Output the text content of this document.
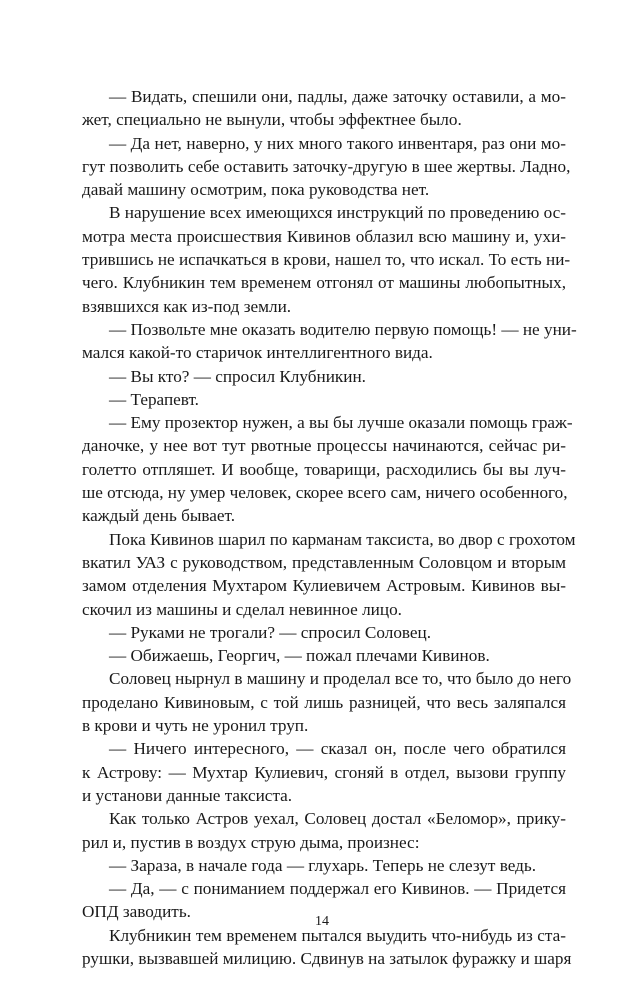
— Видать, спешили они, падлы, даже заточку оставили, а мо-
жет, специально не вынули, чтобы эффектнее было.
— Да нет, наверно, у них много такого инвентаря, раз они мо-
гут позволить себе оставить заточку-другую в шее жертвы. Ладно,
давай машину осмотрим, пока руководства нет.
В нарушение всех имеющихся инструкций по проведению ос-
мотра места происшествия Кивинов облазил всю машину и, ухи-
трившись не испачкаться в крови, нашел то, что искал. То есть ни-
чего. Клубникин тем временем отгонял от машины любопытных,
взявшихся как из-под земли.
— Позвольте мне оказать водителю первую помощь! — не уни-
мался какой-то старичок интеллигентного вида.
— Вы кто? — спросил Клубникин.
— Терапевт.
— Ему прозектор нужен, а вы бы лучше оказали помощь граж-
даночке, у нее вот тут рвотные процессы начинаются, сейчас ри-
голетто отпляшет. И вообще, товарищи, расходились бы вы луч-
ше отсюда, ну умер человек, скорее всего сам, ничего особенного,
каждый день бывает.
Пока Кивинов шарил по карманам таксиста, во двор с грохотом
вкатил УАЗ с руководством, представленным Соловцом и вторым
замом отделения Мухтаром Кулиевичем Астровым. Кивинов вы-
скочил из машины и сделал невинное лицо.
— Руками не трогали? — спросил Соловец.
— Обижаешь, Георгич, — пожал плечами Кивинов.
Соловец нырнул в машину и проделал все то, что было до него
проделано Кивиновым, с той лишь разницей, что весь заляпался
в крови и чуть не уронил труп.
— Ничего интересного, — сказал он, после чего обратился
к Астрову: — Мухтар Кулиевич, сгоняй в отдел, вызови группу
и установи данные таксиста.
Как только Астров уехал, Соловец достал «Беломор», прику-
рил и, пустив в воздух струю дыма, произнес:
— Зараза, в начале года — глухарь. Теперь не слезут ведь.
— Да, — с пониманием поддержал его Кивинов. — Придется
ОПД заводить.
Клубникин тем временем пытался выудить что-нибудь из ста-
рушки, вызвавшей милицию. Сдвинув на затылок фуражку и шаря
14
